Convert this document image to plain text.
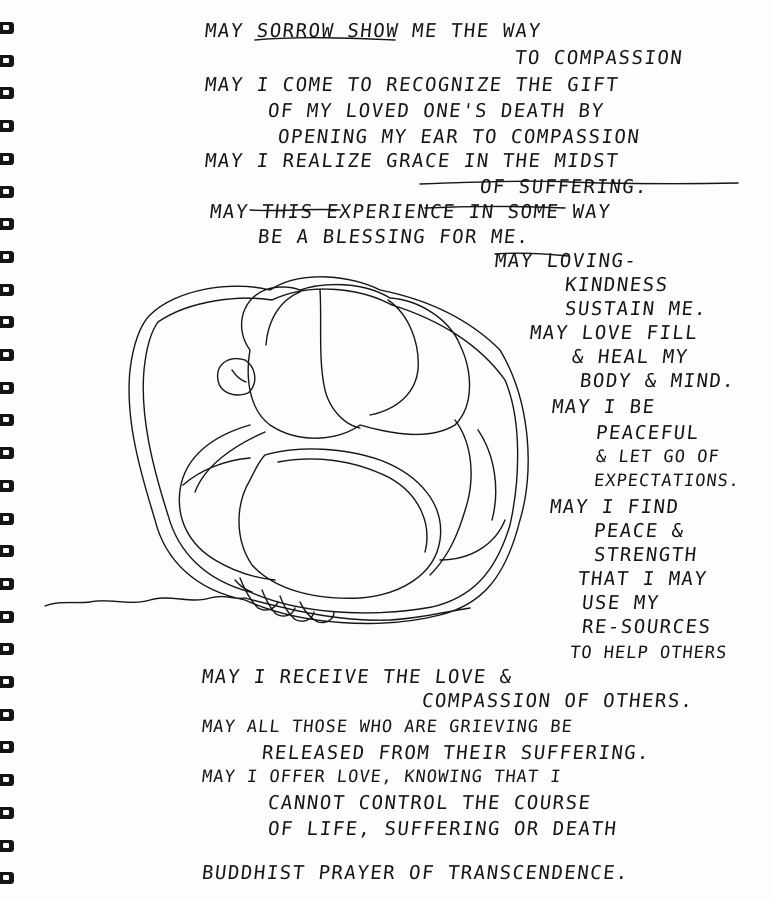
MAY SORROW SHOW ME THE WAY
TO COMPASSION
MAY I COME TO RECOGNIZE THE GIFT
OF MY LOVED ONE'S DEATH BY
OPENING MY EAR TO COMPASSION
MAY I REALIZE GRACE IN THE MIDST
OF SUFFERING.
MAY THIS EXPERIENCE IN SOME WAY
BE A BLESSING FOR ME.
MAY LOVING-
KINDNESS
SUSTAIN ME.
MAY LOVE FILL
& HEAL MY
BODY & MIND.
MAY I BE
PEACEFUL
& LET GO OF
EXPECTATIONS.
MAY I FIND
PEACE &
STRENGTH
THAT I MAY
USE MY
RE-SOURCES
TO HELP OTHERS
MAY I RECEIVE THE LOVE &
COMPASSION OF OTHERS.
MAY ALL THOSE WHO ARE GRIEVING BE
RELEASED FROM THEIR SUFFERING.
MAY I OFFER LOVE, KNOWING THAT I
CANNOT CONTROL THE COURSE
OF LIFE, SUFFERING OR DEATH
BUDDHIST PRAYER OF TRANSCENDENCE.
